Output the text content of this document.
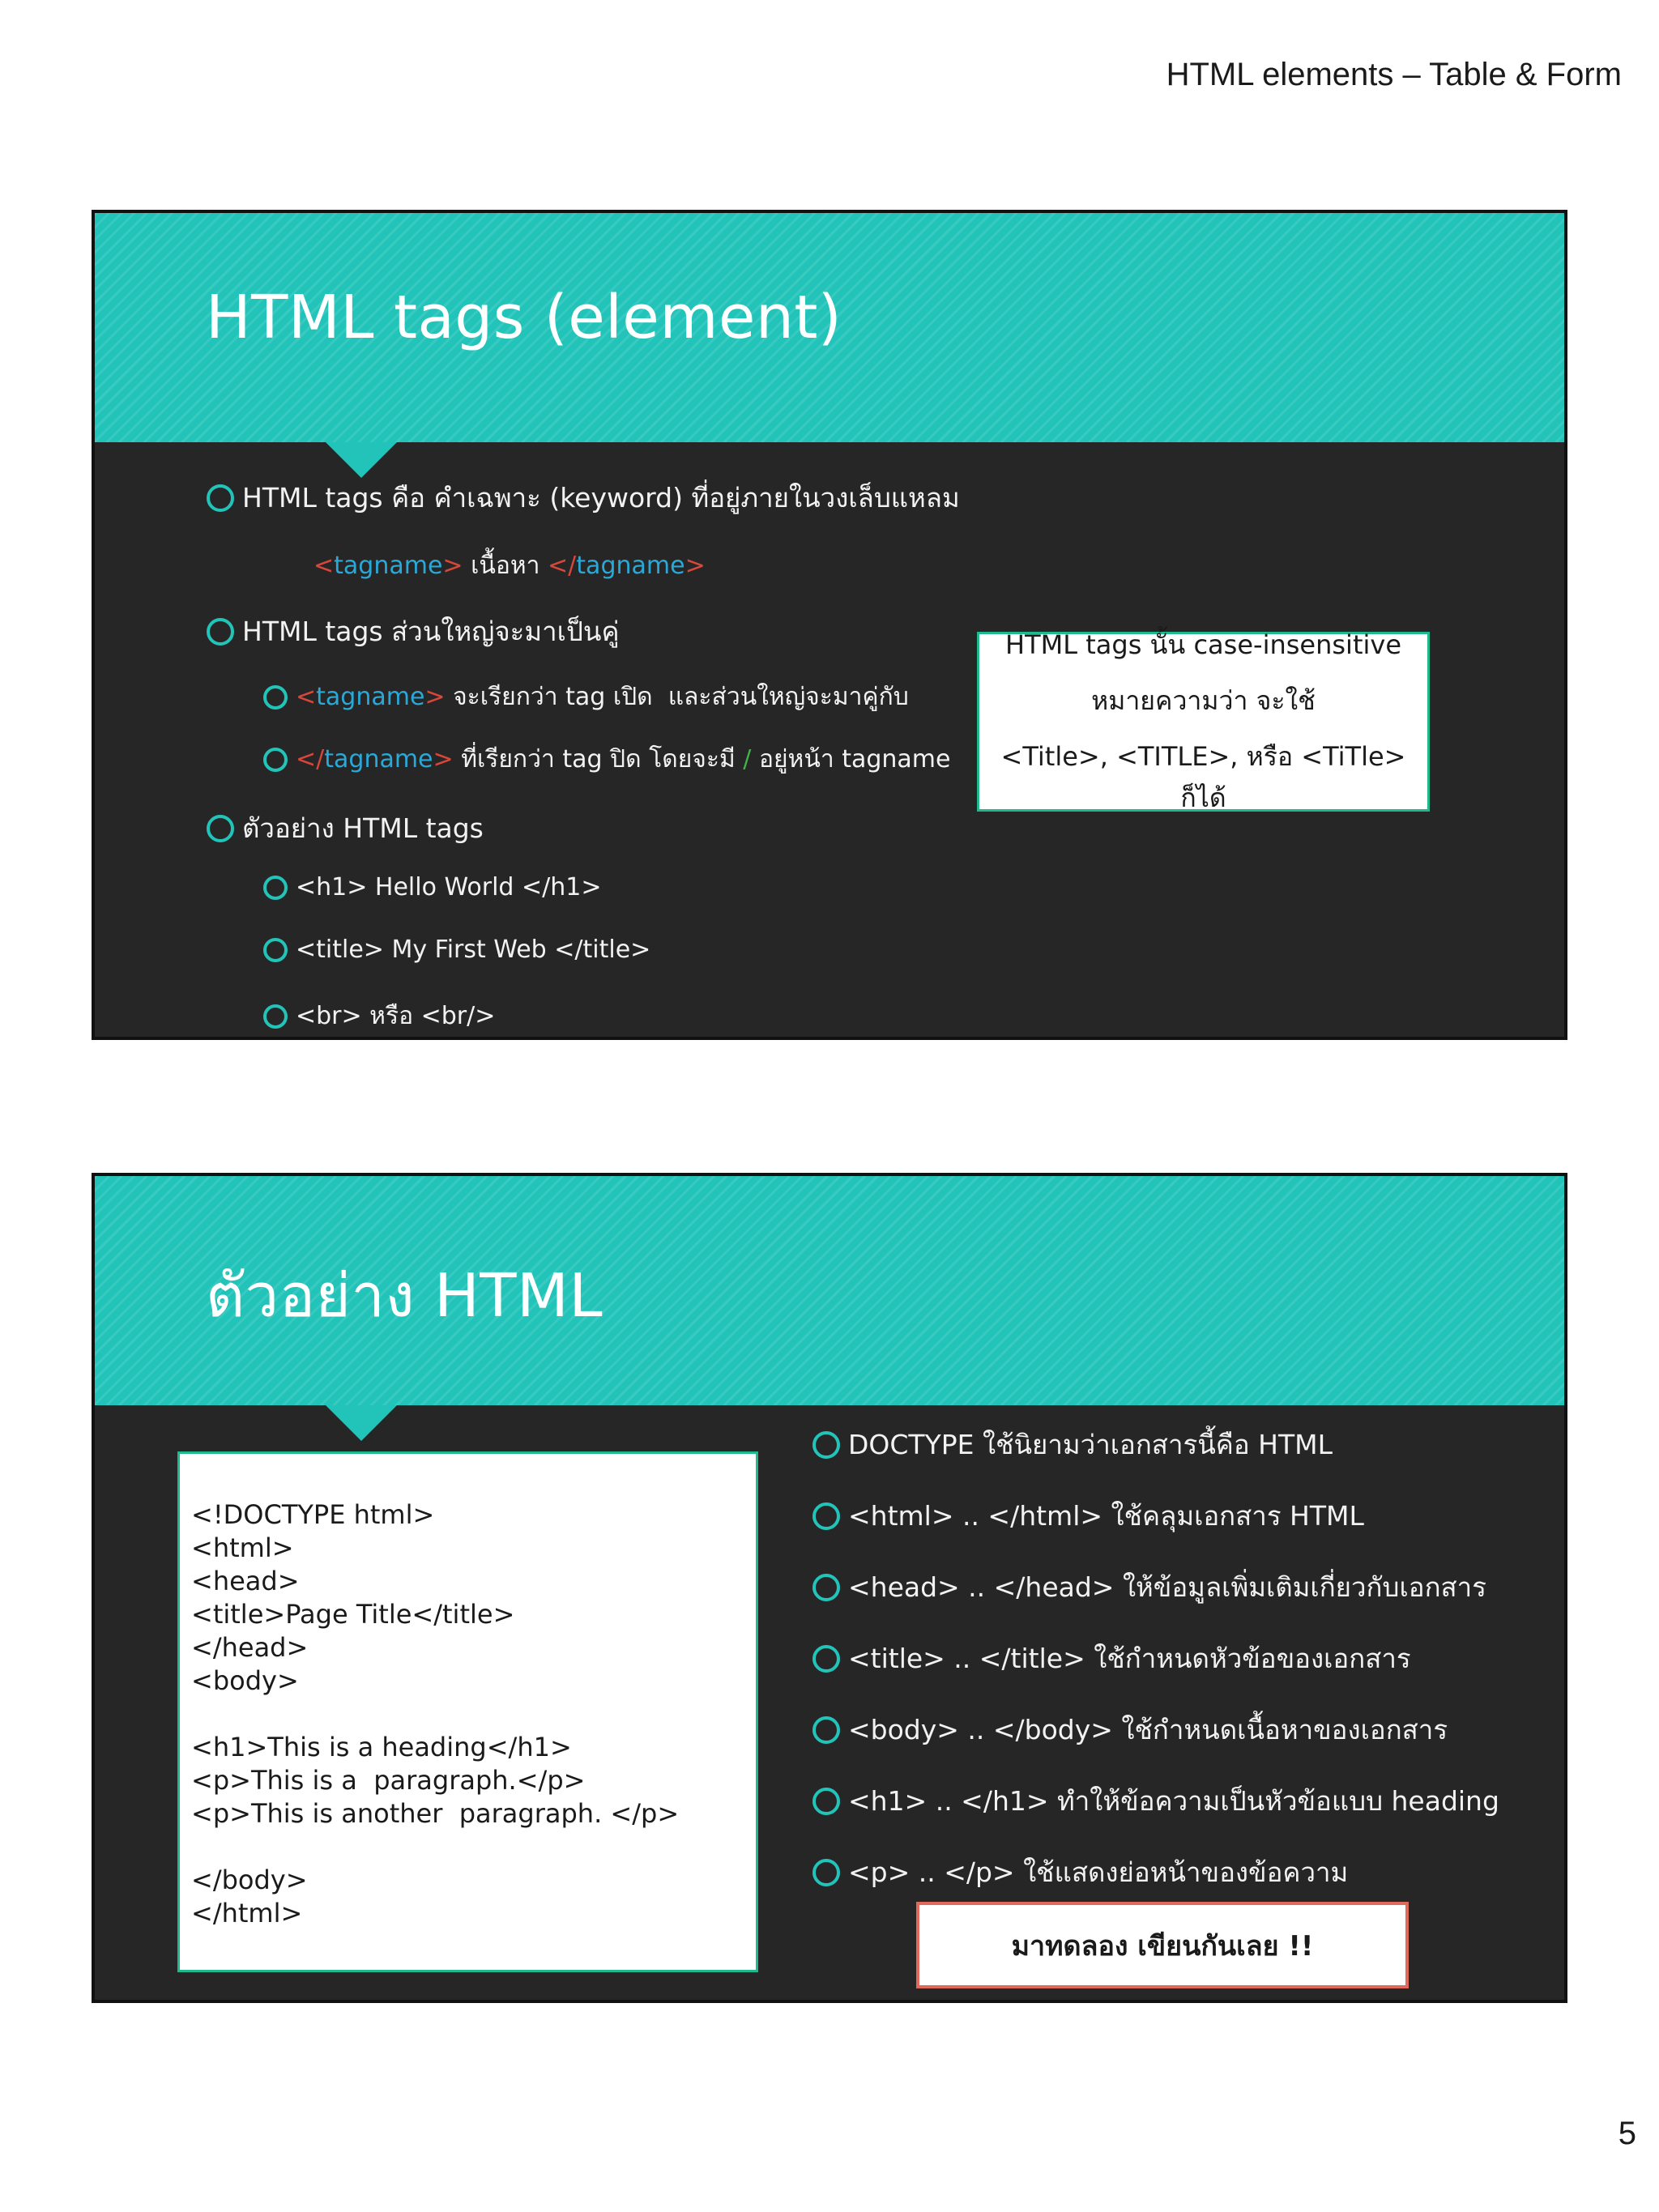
HTML elements – Table & Form
HTML tags (element)
HTML tags คือ คำเฉพาะ (keyword) ที่อยู่ภายในวงเล็บแหลม
< tagname > เนื้อหา </ tagname >
HTML tags ส่วนใหญ่จะมาเป็นคู่
< tagname > จะเรียกว่า tag เปิด  และส่วนใหญ่จะมาคู่กับ
</ tagname > ที่เรียกว่า tag ปิด โดยจะมี / อยู่หน้า tagname
ตัวอย่าง HTML tags
<h1> Hello World </h1>
<title> My First Web </title>
<br> หรือ <br/>
HTML tags นั้น case-insensitive
หมายความว่า จะใช้
<Title>, <TITLE>, หรือ <TiTle> ก็ได้
ตัวอย่าง HTML
<!DOCTYPE html>
<html>
<head>
<title>Page Title</title>
</head>
<body>
<h1>This is a heading</h1>
<p>This is a  paragraph.</p>
<p>This is another  paragraph. </p>
</body>
</html>
DOCTYPE ใช้นิยามว่าเอกสารนี้คือ HTML
<html> .. </html> ใช้คลุมเอกสาร HTML
<head> .. </head> ให้ข้อมูลเพิ่มเติมเกี่ยวกับเอกสาร
<title> .. </title> ใช้กำหนดหัวข้อของเอกสาร
<body> .. </body> ใช้กำหนดเนื้อหาของเอกสาร
<h1> .. </h1> ทำให้ข้อความเป็นหัวข้อแบบ heading
<p> .. </p> ใช้แสดงย่อหน้าของข้อความ
มาทดลอง เขียนกันเลย !!
5
